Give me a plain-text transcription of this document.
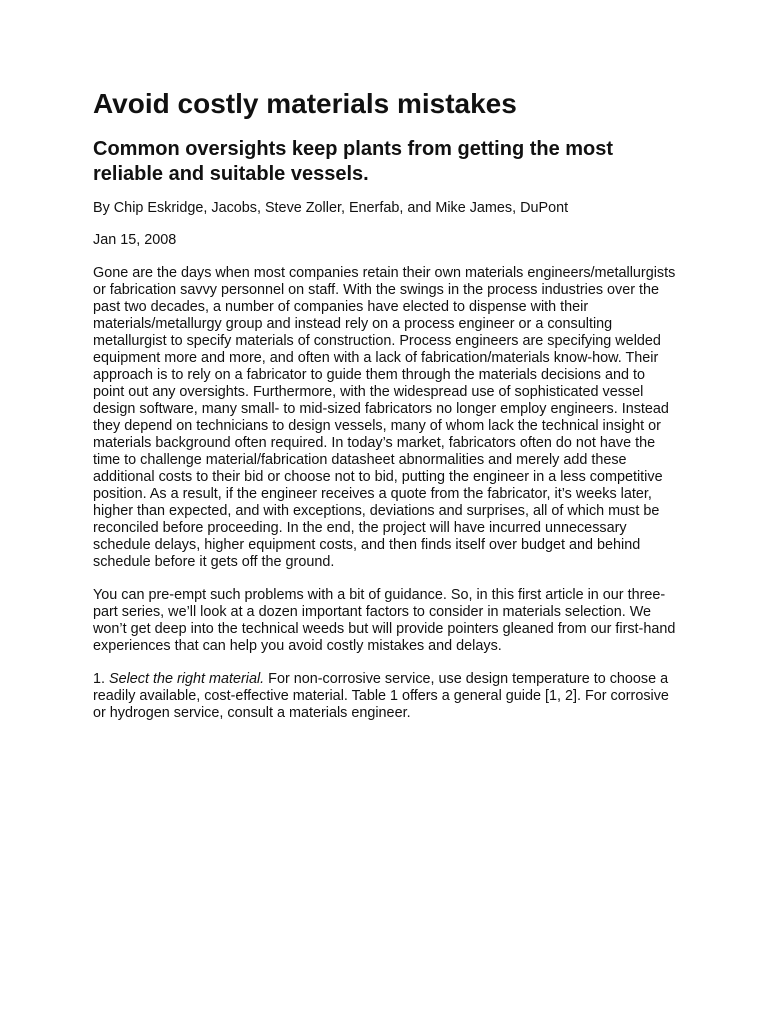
Avoid costly materials mistakes
Common oversights keep plants from getting the most reliable and suitable vessels.

By Chip Eskridge, Jacobs, Steve Zoller, Enerfab, and Mike James, DuPont

Jan 15, 2008

Gone are the days when most companies retain their own materials engineers/metallurgists or fabrication savvy personnel on staff. With the swings in the process industries over the past two decades, a number of companies have elected to dispense with their materials/metallurgy group and instead rely on a process engineer or a consulting metallurgist to specify materials of construction. Process engineers are specifying welded equipment more and more, and often with a lack of fabrication/materials know-how. Their approach is to rely on a fabricator to guide them through the materials decisions and to point out any oversights. Furthermore, with the widespread use of sophisticated vessel design software, many small- to mid-sized fabricators no longer employ engineers. Instead they depend on technicians to design vessels, many of whom lack the technical insight or materials background often required. In today’s market, fabricators often do not have the time to challenge material/fabrication datasheet abnormalities and merely add these additional costs to their bid or choose not to bid, putting the engineer in a less competitive position. As a result, if the engineer receives a quote from the fabricator, it’s weeks later, higher than expected, and with exceptions, deviations and surprises, all of which must be reconciled before proceeding. In the end, the project will have incurred unnecessary schedule delays, higher equipment costs, and then finds itself over budget and behind schedule before it gets off the ground.

You can pre-empt such problems with a bit of guidance. So, in this first article in our three-part series, we’ll look at a dozen important factors to consider in materials selection. We won’t get deep into the technical weeds but will provide pointers gleaned from our first-hand experiences that can help you avoid costly mistakes and delays.

1. Select the right material. For non-corrosive service, use design temperature to choose a readily available, cost-effective material. Table 1 offers a general guide [1, 2]. For corrosive or hydrogen service, consult a materials engineer.
